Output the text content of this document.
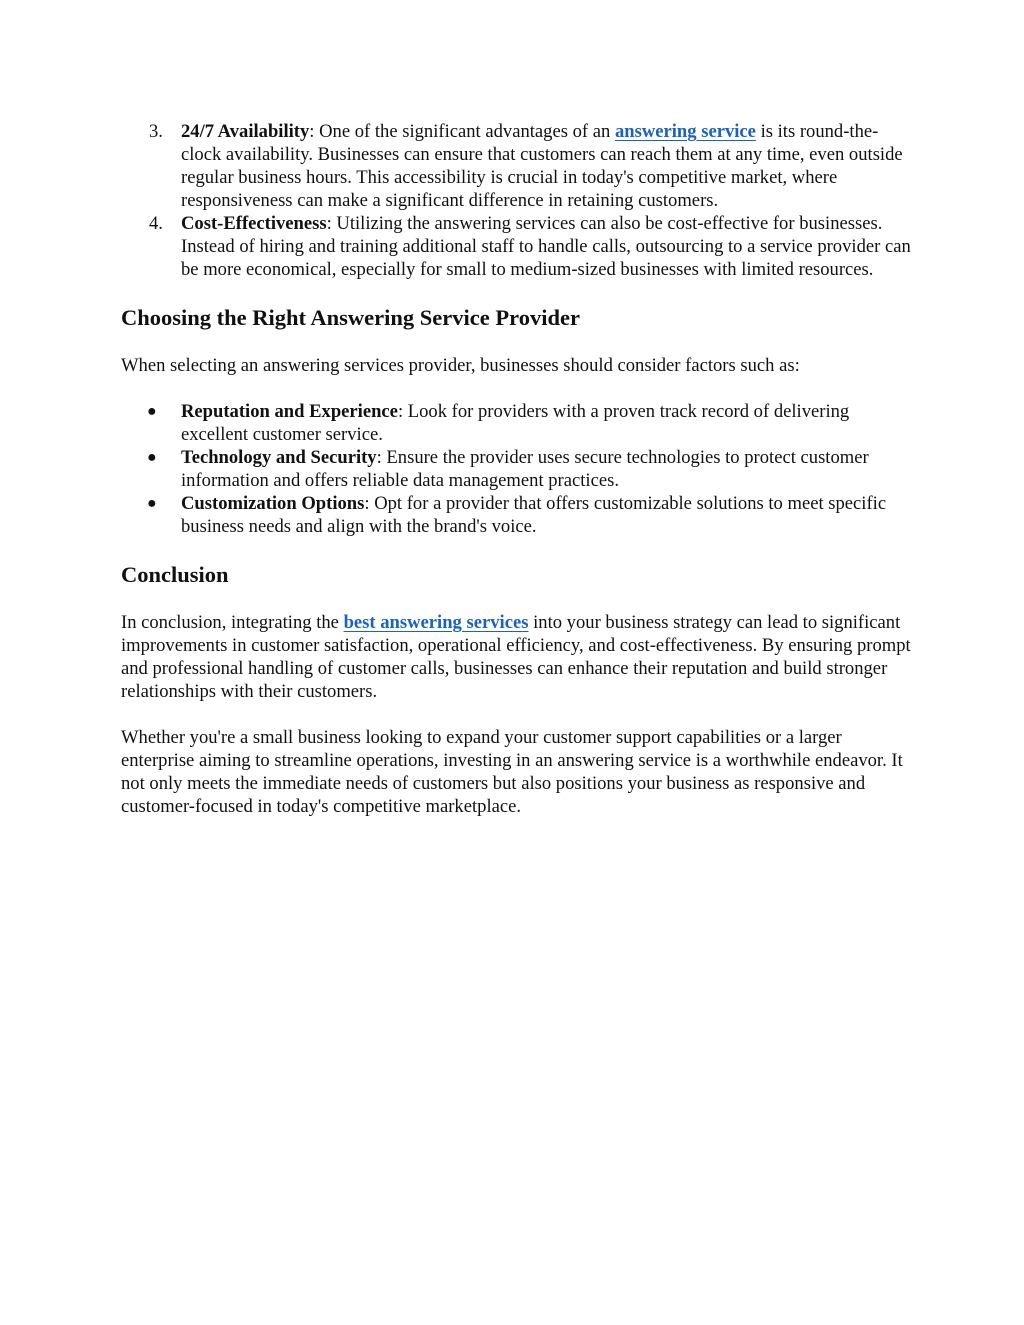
3. 24/7 Availability: One of the significant advantages of an answering service is its round-the-clock availability. Businesses can ensure that customers can reach them at any time, even outside regular business hours. This accessibility is crucial in today's competitive market, where responsiveness can make a significant difference in retaining customers.
4. Cost-Effectiveness: Utilizing the answering services can also be cost-effective for businesses. Instead of hiring and training additional staff to handle calls, outsourcing to a service provider can be more economical, especially for small to medium-sized businesses with limited resources.
Choosing the Right Answering Service Provider

When selecting an answering services provider, businesses should consider factors such as:

● Reputation and Experience: Look for providers with a proven track record of delivering excellent customer service.
● Technology and Security: Ensure the provider uses secure technologies to protect customer information and offers reliable data management practices.
● Customization Options: Opt for a provider that offers customizable solutions to meet specific business needs and align with the brand's voice.
Conclusion

In conclusion, integrating the best answering services into your business strategy can lead to significant improvements in customer satisfaction, operational efficiency, and cost-effectiveness. By ensuring prompt and professional handling of customer calls, businesses can enhance their reputation and build stronger relationships with their customers.

Whether you're a small business looking to expand your customer support capabilities or a larger enterprise aiming to streamline operations, investing in an answering service is a worthwhile endeavor. It not only meets the immediate needs of customers but also positions your business as responsive and customer-focused in today's competitive marketplace.
